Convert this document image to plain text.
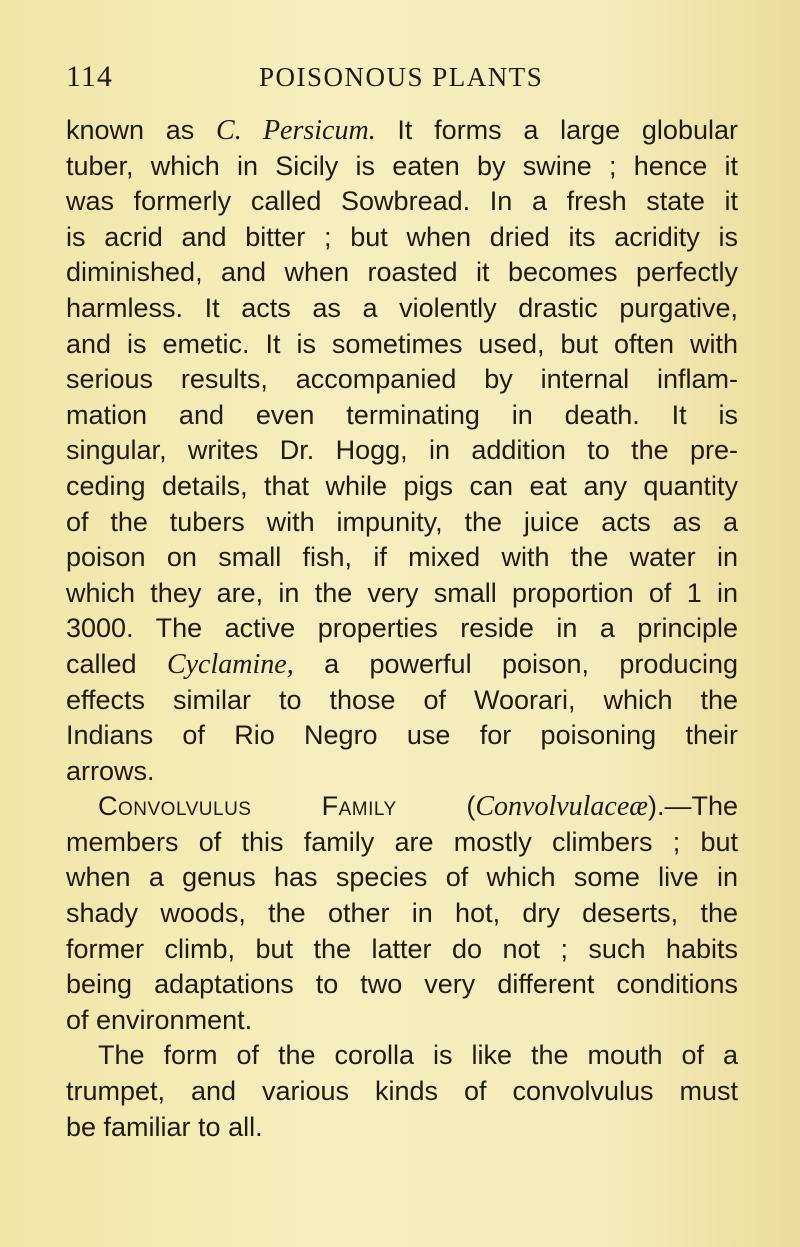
114	POISONOUS PLANTS
known as C. Persicum. It forms a large globular
tuber, which in Sicily is eaten by swine ; hence it
was formerly called Sowbread. In a fresh state it
is acrid and bitter ; but when dried its acridity is
diminished, and when roasted it becomes perfectly
harmless. It acts as a violently drastic purgative,
and is emetic. It is sometimes used, but often with
serious results, accompanied by internal inflam-
mation and even terminating in death. It is
singular, writes Dr. Hogg, in addition to the pre-
ceding details, that while pigs can eat any quantity
of the tubers with impunity, the juice acts as a
poison on small fish, if mixed with the water in
which they are, in the very small proportion of 1 in
3000. The active properties reside in a principle
called Cyclamine, a powerful poison, producing
effects similar to those of Woorari, which the
Indians of Rio Negro use for poisoning their
arrows.
Convolvulus Family (Convolvulaceæ).—The
members of this family are mostly climbers ; but
when a genus has species of which some live in
shady woods, the other in hot, dry deserts, the
former climb, but the latter do not ; such habits
being adaptations to two very different conditions
of environment.
The form of the corolla is like the mouth of a
trumpet, and various kinds of convolvulus must
be familiar to all.
